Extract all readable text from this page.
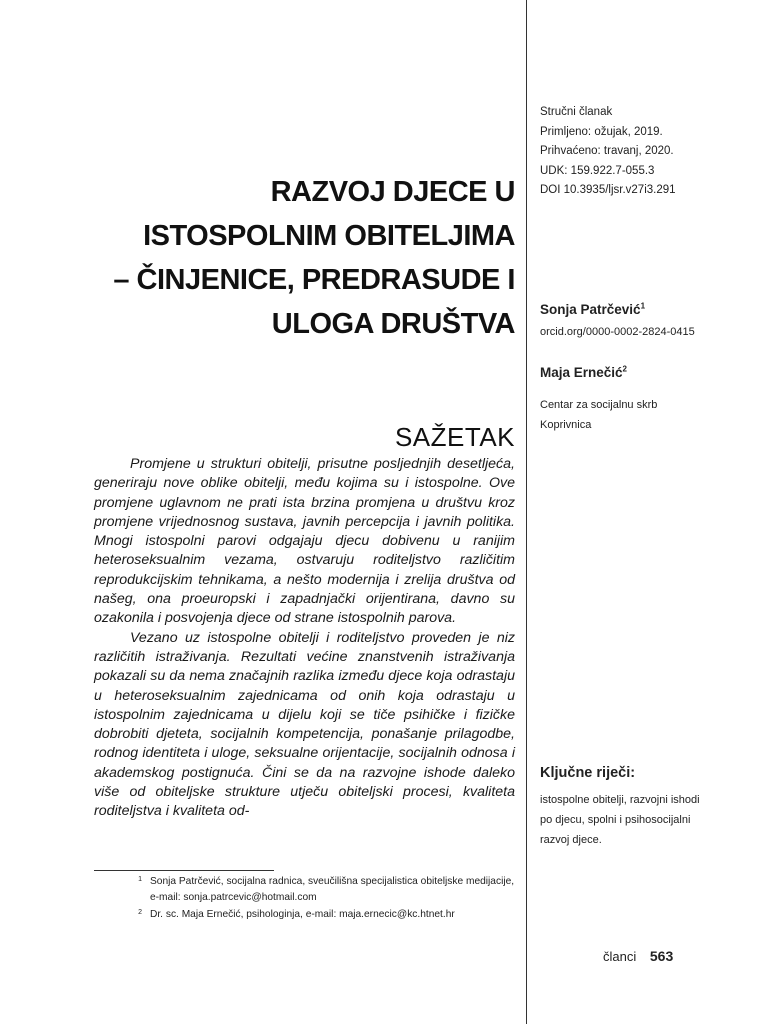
Stručni članak
Primljeno: ožujak, 2019.
Prihvaćeno: travanj, 2020.
UDK: 159.922.7-055.3
DOI 10.3935/ljsr.v27i3.291
RAZVOJ DJECE U
ISTOSPOLNIM OBITELJIMA
– ČINJENICE, PREDRASUDE I
ULOGA DRUŠTVA Sonja Patrčević$^1$
orcid.org/0000-0002-2824-0415
Maja Ernečić$^2$
Centar za socijalnu skrb
Koprivnica
SAŽETAK

Promjene u strukturi obitelji, prisutne posljednjih desetljeća, generiraju nove oblike obitelji, među kojima su i istospolne. Ove promjene uglavnom ne prati ista brzina promjena u društvu kroz promjene vrijednosnog sustava, javnih percepcija i javnih politika. Mnogi istospolni parovi odgajaju djecu dobivenu u ranijim heteroseksualnim vezama, ostvaruju roditeljstvo različitim reprodukcijskim tehnikama, a nešto modernija i zrelija društva od našeg, ona proeuropski i zapadnjački orijentirana, davno su ozakonila i posvojenja djece od strane istospolnih parova.

Vezano uz istospolne obitelji i roditeljstvo proveden je niz različitih istraživanja. Rezultati većine znanstvenih istraživanja pokazali su da nema značajnih razlika između djece koja odrastaju u heteroseksualnim zajednicama od onih koja odrastaju u istospolnim zajednicama u dijelu koji se tiče psihičke i fizičke dobrobiti djeteta, socijalnih kompetencija, ponašanje prilagodbe, rodnog identiteta i uloge, seksualne orijentacije, socijalnih odnosa i akademskog postignuća. Čini se da na razvojne ishode daleko više od obiteljske strukture utječu obiteljski procesi, kvaliteta roditeljstva i kvaliteta od-

Ključne riječi:
istospolne obitelji, razvojni ishodi po djecu, spolni i psihosocijalni razvoj djece.
1 Sonja Patrčević, socijalna radnica, sveučilišna specijalistica obiteljske medijacije, e-mail: sonja.patrcevic@hotmail.com
2 Dr. sc. Maja Ernečić, psihologinja, e-mail: maja.ernecic@kc.htnet.hr
članci 563
